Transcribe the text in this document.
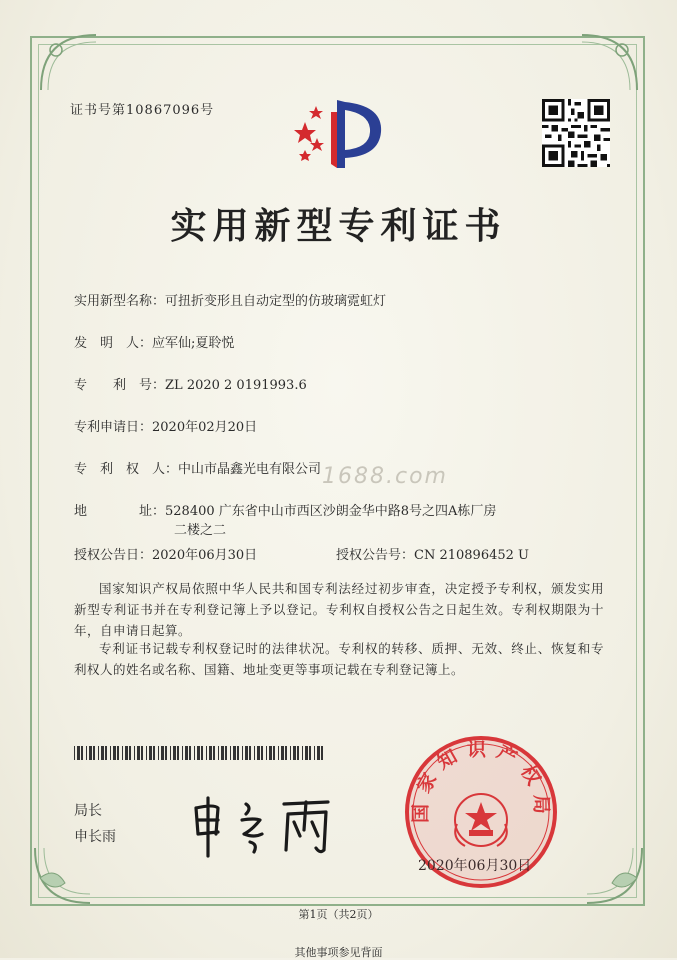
证书号第10867096号
实用新型专利证书
实用新型名称：可扭折变形且自动定型的仿玻璃霓虹灯
发　明　人：应军仙;夏聆悦
专　　利　号：ZL 2020 2 0191993.6
专利申请日：2020年02月20日
专　利　权　人：中山市晶鑫光电有限公司 1688.com
地　　　　址：528400 广东省中山市西区沙朗金华中路8号之四A栋厂房
二楼之二
授权公告日：2020年06月30日	授权公告号：CN 210896452 U
国家知识产权局依照中华人民共和国专利法经过初步审查，决定授予专利权，颁发实用新型专利证书并在专利登记簿上予以登记。专利权自授权公告之日起生效。专利权期限为十年，自申请日起算。
专利证书记载专利权登记时的法律状况。专利权的转移、质押、无效、终止、恢复和专利权人的姓名或名称、国籍、地址变更等事项记载在专利登记簿上。
局长
申长雨
国家知识产权局
2020年06月30日
第1页（共2页）
其他事项参见背面
